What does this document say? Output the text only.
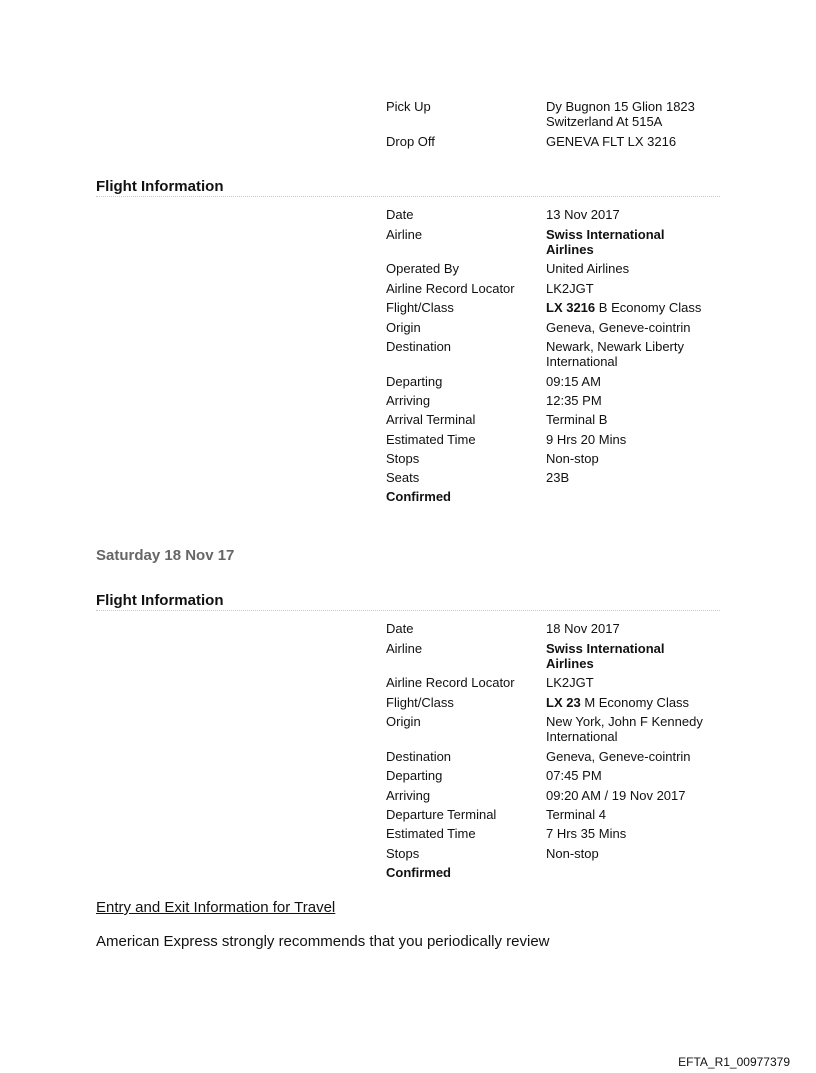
Pick Up	Dy Bugnon 15 Glion 1823 Switzerland At 515A
Drop Off	GENEVA FLT LX 3216
Flight Information
Date	13 Nov 2017
Airline	Swiss International Airlines
Operated By	United Airlines
Airline Record Locator LK2JGT
Flight/Class	LX 3216 B Economy Class
Origin	Geneva, Geneve-cointrin
Destination	Newark, Newark Liberty International
Departing	09:15 AM
Arriving	12:35 PM
Arrival Terminal	Terminal B
Estimated Time	9 Hrs 20 Mins
Stops	Non-stop
Seats	23B
Confirmed
Saturday 18 Nov 17
Flight Information
Date	18 Nov 2017
Airline	Swiss International Airlines
Airline Record Locator LK2JGT
Flight/Class	LX 23 M Economy Class
Origin	New York, John F Kennedy International
Destination	Geneva, Geneve-cointrin
Departing	07:45 PM
Arriving	09:20 AM / 19 Nov 2017
Departure Terminal	Terminal 4
Estimated Time	7 Hrs 35 Mins
Stops	Non-stop
Confirmed
Entry and Exit Information for Travel
American Express strongly recommends that you periodically review
EFTA_R1_00977379
